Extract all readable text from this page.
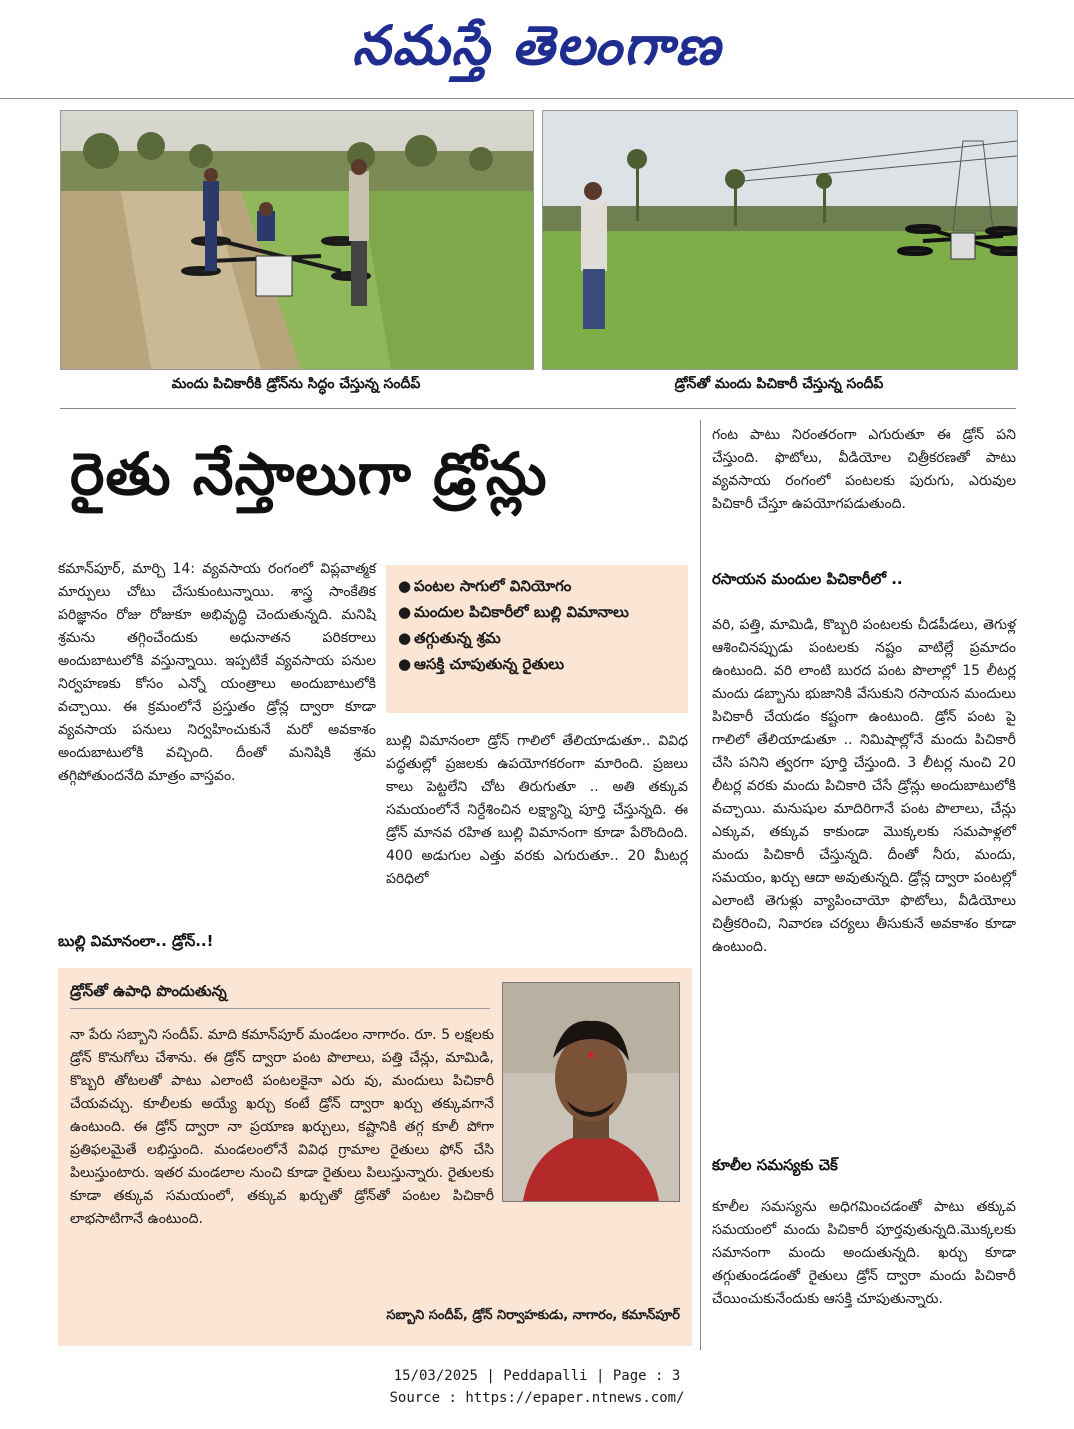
నమస్తే తెలంగాణ
మందు పిచికారీకి డ్రోన్‌ను సిద్ధం చేస్తున్న సందీప్	డ్రోన్‌తో మందు పిచికారీ చేస్తున్న సందీప్
రైతు నేస్తాలుగా డ్రోన్లు
కమాన్‌పూర్, మార్చి 14: వ్యవసాయ రంగంలో విప్లవాత్మక మార్పులు చోటు చేసుకుంటున్నాయి. శాస్త్ర సాంకేతిక పరిజ్ఞానం రోజు రోజుకూ అభివృద్ధి చెందుతున్నది. మనిషి శ్రమను తగ్గించేందుకు అధునాతన పరికరాలు అందుబాటులోకి వస్తున్నాయి. ఇప్పటికే వ్యవసాయ పనుల నిర్వహణకు కోసం ఎన్నో యంత్రాలు అందుబాటులోకి వచ్చాయి. ఈ క్రమంలోనే ప్రస్తుతం డ్రోన్ల ద్వారా కూడా వ్యవసాయ పనులు నిర్వహించుకునే మరో అవకాశం అందుబాటులోకి వచ్చింది. దీంతో మనిషికి శ్రమ తగ్గిపోతుందనేది మాత్రం వాస్తవం.
బుల్లి విమానంలా.. డ్రోన్..!
● పంటల సాగులో వినియోగం
● మందుల పిచికారీలో బుల్లి విమానాలు
● తగ్గుతున్న శ్రమ
● ఆసక్తి చూపుతున్న రైతులు
బుల్లి విమానంలా డ్రోన్ గాలిలో తేలియాడుతూ.. వివిధ పద్ధతుల్లో ప్రజలకు ఉపయోగకరంగా మారింది. ప్రజలు కాలు పెట్టలేని చోట తిరుగుతూ .. అతి తక్కువ సమయంలోనే నిర్దేశించిన లక్ష్యాన్ని పూర్తి చేస్తున్నది. ఈ డ్రోన్ మానవ రహిత బుల్లి విమానంగా కూడా పేరొందింది. 400 అడుగుల ఎత్తు వరకు ఎగురుతూ.. 20 మీటర్ల పరిధిలో
డ్రోన్‌తో ఉపాధి పొందుతున్న
నా పేరు సబ్బాని సందీప్. మాది కమాన్‌పూర్ మండలం నాగారం. రూ. 5 లక్షలకు డ్రోన్ కొనుగోలు చేశాను. ఈ డ్రోన్ ద్వారా పంట పొలాలు, పత్తి చేన్లు, మామిడి, కొబ్బరి తోటలతో పాటు ఎలాంటి పంటలకైనా ఎరు వు, మందులు పిచికారీ చేయవచ్చు. కూలీలకు అయ్యే ఖర్చు కంటే డ్రోన్ ద్వారా ఖర్చు తక్కువగానే ఉంటుంది. ఈ డ్రోన్ ద్వారా నా ప్రయాణ ఖర్చులు, కష్టానికి తగ్గ కూలీ పోగా ప్రతిఫలమైతే లభిస్తుంది. మండలంలోనే వివిధ గ్రామాల రైతులు ఫోన్ చేసి పిలుస్తుంటారు. ఇతర మండలాల నుంచి కూడా రైతులు పిలుస్తున్నారు. రైతులకు కూడా తక్కువ సమయంలో, తక్కువ ఖర్చుతో డ్రోన్‌తో పంటల పిచికారీ లాభసాటిగానే ఉంటుంది.
సబ్బాని సందీప్, డ్రోన్ నిర్వాహకుడు, నాగారం, కమాన్‌పూర్
గంట పాటు నిరంతరంగా ఎగురుతూ ఈ డ్రోన్ పని చేస్తుంది. ఫొటోలు, వీడియోల చిత్రీకరణతో పాటు వ్యవసాయ రంగంలో పంటలకు పురుగు, ఎరువుల పిచికారీ చేస్తూ ఉపయోగపడుతుంది.
రసాయన మందుల పిచికారీలో ..
వరి, పత్తి, మామిడి, కొబ్బరి పంటలకు చీడపీడలు, తెగుళ్ల ఆశించినప్పుడు పంటలకు నష్టం వాటిల్లే ప్రమాదం ఉంటుంది. వరి లాంటి బురద పంట పొలాల్లో 15 లీటర్ల మందు డబ్బాను భుజానికి వేసుకుని రసాయన మందులు పిచికారీ చేయడం కష్టంగా ఉంటుంది. డ్రోన్ పంట పై గాలిలో తేలియాడుతూ .. నిమిషాల్లోనే మందు పిచికారీ చేసి పనిని త్వరగా పూర్తి చేస్తుంది. 3 లీటర్ల నుంచి 20 లీటర్ల వరకు మందు పిచికారి చేసే డ్రోన్లు అందుబాటులోకి వచ్చాయి. మనుషుల మాదిరిగానే పంట పొలాలు, చేన్లు ఎక్కువ, తక్కువ కాకుండా మొక్కలకు సమపాళ్లలో మందు పిచికారీ చేస్తున్నది. దీంతో నీరు, మందు, సమయం, ఖర్చు ఆదా అవుతున్నది. డ్రోన్ల ద్వారా పంటల్లో ఎలాంటి తెగుళ్లు వ్యాపించాయో ఫొటోలు, వీడియోలు చిత్రీకరించి, నివారణ చర్యలు తీసుకునే అవకాశం కూడా ఉంటుంది.
కూలీల సమస్యకు చెక్
కూలీల సమస్యను అధిగమించడంతో పాటు తక్కువ సమయంలో మందు పిచికారీ పూర్తవుతున్నది.మొక్కలకు సమానంగా మందు అందుతున్నది. ఖర్చు కూడా తగ్గుతుండడంతో రైతులు డ్రోన్ ద్వారా మందు పిచికారీ చేయించుకునేందుకు ఆసక్తి చూపుతున్నారు.
15/03/2025 | Peddapalli | Page : 3
Source : https://epaper.ntnews.com/
